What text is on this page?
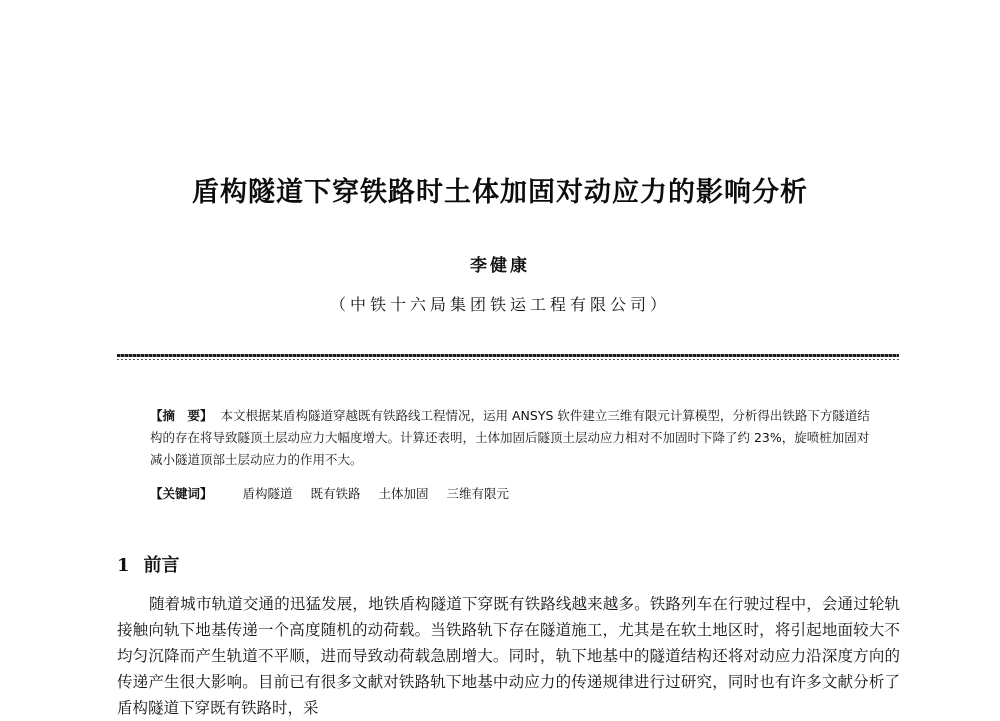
盾构隧道下穿铁路时土体加固对动应力的影响分析
李健康
（中铁十六局集团铁运工程有限公司）
【摘　要】 本文根据某盾构隧道穿越既有铁路线工程情况，运用 ANSYS 软件建立三维有限元计算模型，分析得出铁路下方隧道结构的存在将导致隧顶土层动应力大幅度增大。计算还表明，土体加固后隧顶土层动应力相对不加固时下降了约 23%，旋喷桩加固对减小隧道顶部土层动应力的作用不大。
【关键词】 盾构隧道 既有铁路 土体加固 三维有限元
1 前言
随着城市轨道交通的迅猛发展，地铁盾构隧道下穿既有铁路线越来越多。铁路列车在行驶过程中，会通过轮轨接触向轨下地基传递一个高度随机的动荷载。当铁路轨下存在隧道施工，尤其是在软土地区时，将引起地面较大不均匀沉降而产生轨道不平顺，进而导致动荷载急剧增大。同时，轨下地基中的隧道结构还将对动应力沿深度方向的传递产生很大影响。目前已有很多文献对铁路轨下地基中动应力的传递规律进行过研究，同时也有许多文献分析了盾构隧道下穿既有铁路时，采
